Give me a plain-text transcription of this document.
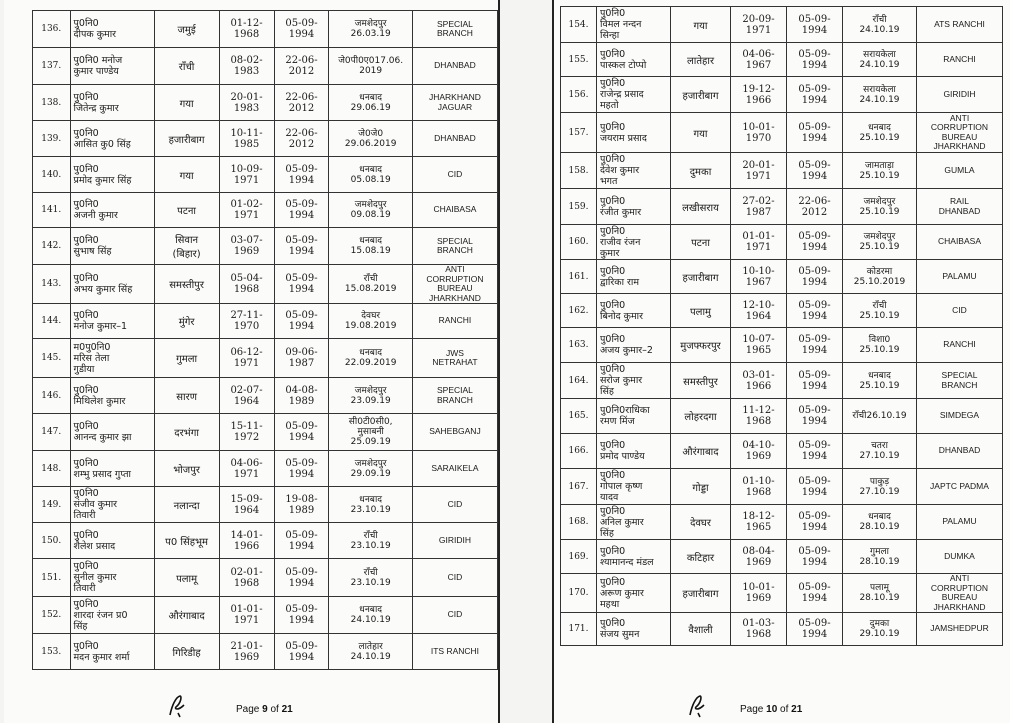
136.	पु0नि0
दीपक कुमार	जमुई	01-12-1968	05-09-1994	जमशेदपुर
26.03.19	SPECIAL
BRANCH

137.	पु0नि0 मनोज
कुमार पाण्डेय	राँची	08-02-1983	22-06-2012	जे0पी0ए017.06.
2019	DHANBAD

138.	पु0नि0
जितेन्द्र कुमार	गया	20-01-1983	22-06-2012	धनबाद
29.06.19	JHARKHAND
JAGUAR

139.	पु0नि0
आसित कु0 सिंह	हजारीबाग	10-11-1985	22-06-2012	जे0जे0
29.06.2019	DHANBAD

140.	पु0नि0
प्रमोद कुमार सिंह	गया	10-09-1971	05-09-1994	धनबाद
05.08.19	CID

141.	पु0नि0
अजनी कुमार	पटना	01-02-1971	05-09-1994	जमशेदपुर
09.08.19	CHAIBASA

142.	पु0नि0
सुभाष सिंह	सिवान
(बिहार)	03-07-1969	05-09-1994	धनबाद
15.08.19	SPECIAL
BRANCH

143.	पु0नि0
अभय कुमार सिंह	समस्तीपुर	05-04-1968	05-09-1994	राँची
15.08.2019	ANTI
CORRUPTION
BUREAU
JHARKHAND

144.	पु0नि0
मनोज कुमार–1	मुंगेर	27-11-1970	05-09-1994	देवघर
19.08.2019	RANCHI

145.	म0पु0नि0
मरिस तेला
गुडीया	गुमला	06-12-1971	09-06-1987	धनबाद
22.09.2019	JWS
NETRAHAT

146.	पु0नि0
मिथिलेश कुमार	सारण	02-07-1964	04-08-1989	जमशेदपुर
23.09.19	SPECIAL
BRANCH

147.	पु0नि0
आनन्द कुमार झा	दरभंगा	15-11-1972	05-09-1994	सी0टी0सी0,
मुसाबनी
25.09.19	SAHEBGANJ

148.	पु0नि0
शम्भु प्रसाद गुप्ता	भोजपुर	04-06-1971	05-09-1994	जमशेदपुर
29.09.19	SARAIKELA

149.	पु0नि0
संजीव कुमार
तिवारी	नलान्दा	15-09-1964	19-08-1989	धनबाद
23.10.19	CID

150.	पु0नि0
शैलेश प्रसाद	प0 सिंहभूम	14-01-1966	05-09-1994	राँची
23.10.19	GIRIDIH

151.	पु0नि0
सुनील कुमार
तिवारी	पलामू	02-01-1968	05-09-1994	राँची
23.10.19	CID

152.	पु0नि0
शारदा रंजन प्र0
सिंह	औरंगाबाद	01-01-1971	05-09-1994	धनबाद
24.10.19	CID

153.	पु0नि0
मदन कुमार शर्मा	गिरिडीह	21-01-1969	05-09-1994	लातेहार
24.10.19	ITS RANCHI
Page 9 of 21
154.	पु0नि0
विमल नन्दन
सिन्हा	गया	20-09-1971	05-09-1994	राँची
24.10.19	ATS RANCHI

155.	पु0नि0
पास्कल टोप्पो	लातेहार	04-06-1967	05-09-1994	सरायकेला
24.10.19	RANCHI

156.	पु0नि0
राजेन्द्र प्रसाद
महतो	हजारीबाग	19-12-1966	05-09-1994	सरायकेला
24.10.19	GIRIDIH

157.	पु0नि0
जयराम प्रसाद	गया	10-01-1970	05-09-1994	धनबाद
25.10.19	ANTI
CORRUPTION
BUREAU
JHARKHAND

158.	पु0नि0
देवेश कुमार
भगत	दुमका	20-01-1971	05-09-1994	जामताड़ा
25.10.19	GUMLA

159.	पु0नि0
रंजीत कुमार	लखीसराय	27-02-1987	22-06-2012	जमशेदपुर
25.10.19	RAIL
DHANBAD

160.	पु0नि0
राजीव रंजन
कुमार	पटना	01-01-1971	05-09-1994	जमशेदपुर
25.10.19	CHAIBASA

161.	पु0नि0
द्वारिका राम	हजारीबाग	10-10-1967	05-09-1994	कोडरमा
25.10.2019	PALAMU

162.	पु0नि0
बिनोद कुमार	पलामु	12-10-1964	05-09-1994	राँची
25.10.19	CID

163.	पु0नि0
अजय कुमार–2	मुजफ्फरपुर	10-07-1965	05-09-1994	विशा0
25.10.19	RANCHI

164.	पु0नि0
सरोज कुमार
सिंह	समस्तीपुर	03-01-1966	05-09-1994	धनबाद
25.10.19	SPECIAL
BRANCH

165.	पु0नि0राधिका
रमण मिंज	लोहरदगा	11-12-1968	05-09-1994	राँची26.10.19	SIMDEGA

166.	पु0नि0
प्रमोद पाण्डेय	औरंगाबाद	04-10-1969	05-09-1994	चतरा
27.10.19	DHANBAD

167.	पु0नि0
गोपाल कृष्ण
यादव	गोड्डा	01-10-1968	05-09-1994	पाकुड़
27.10.19	JAPTC PADMA

168.	पु0नि0
अनिल कुमार
सिंह	देवघर	18-12-1965	05-09-1994	धनबाद
28.10.19	PALAMU

169.	पु0नि0
श्यामानन्द मंडल	कटिहार	08-04-1969	05-09-1994	गुमला
28.10.19	DUMKA

170.	पु0नि0
अरूण कुमार
महथा	हजारीबाग	10-01-1969	05-09-1994	पलामू
28.10.19	ANTI
CORRUPTION
BUREAU
JHARKHAND

171.	पु0नि0
संजय सुमन	वैशाली	01-03-1968	05-09-1994	दुमका
29.10.19	JAMSHEDPUR
Page 10 of 21
